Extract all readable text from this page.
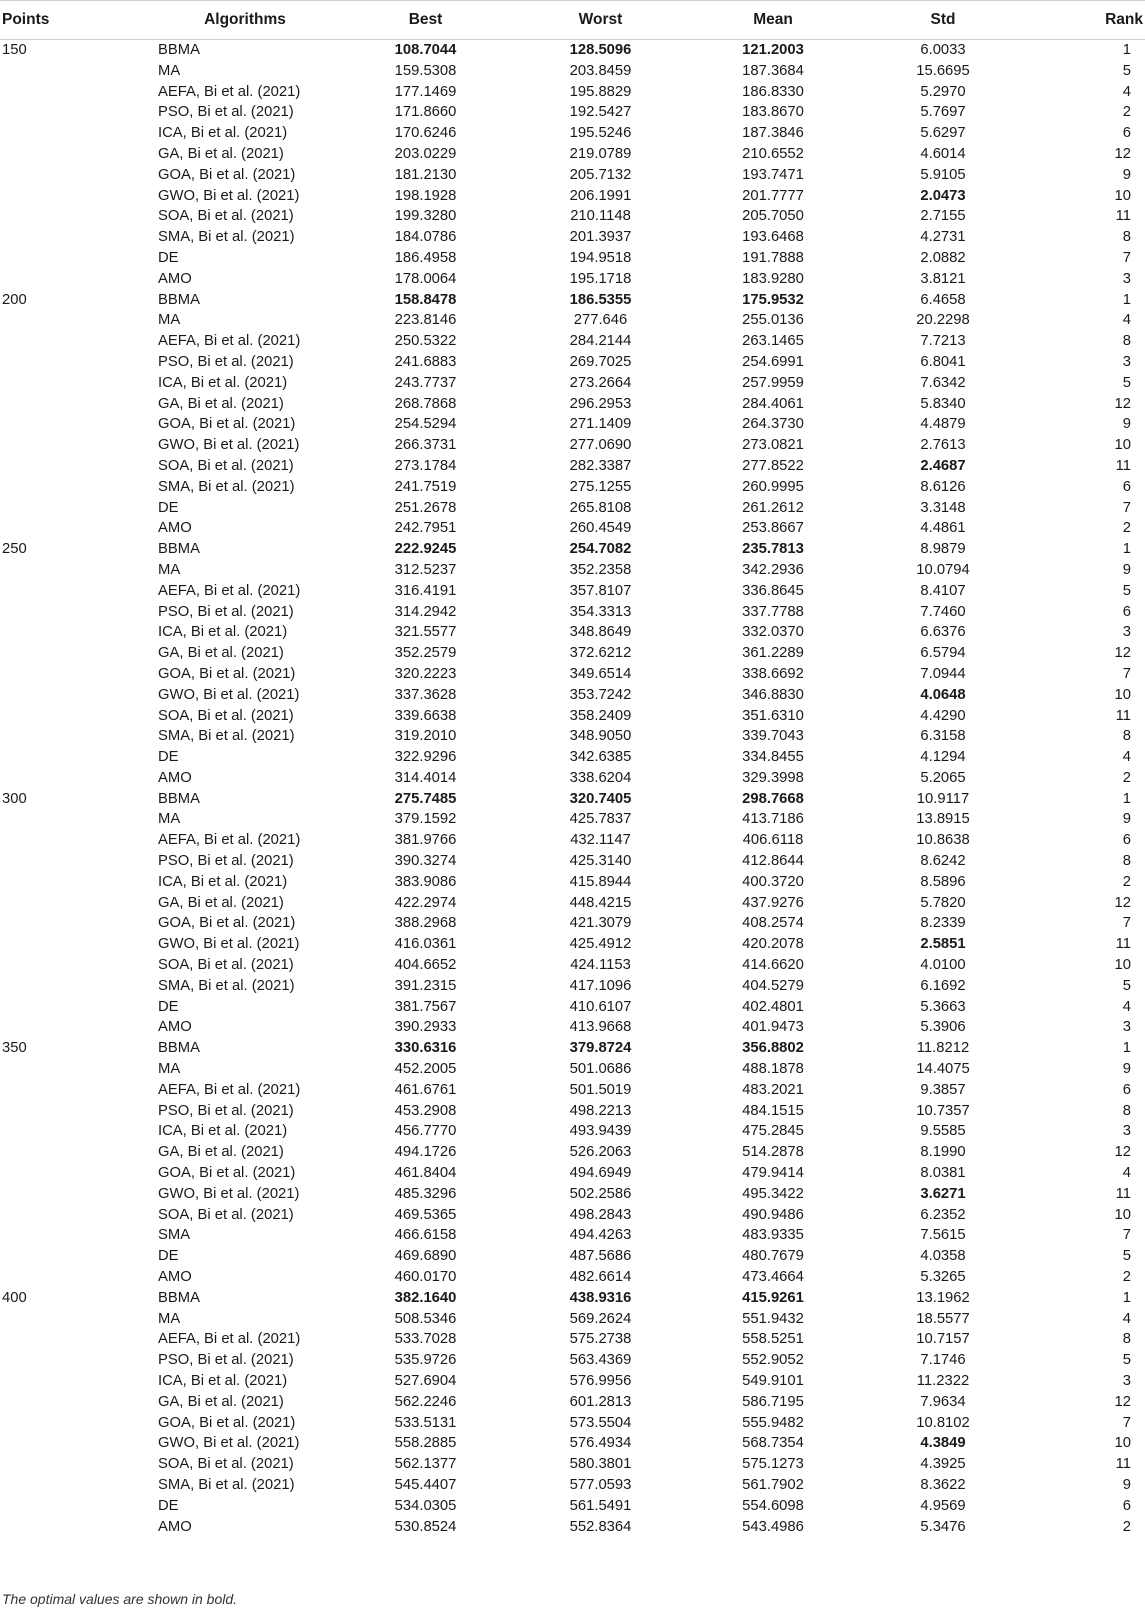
Points	Algorithms	Best	Worst	Mean	Std	Rank
150	BBMA	108.7044	128.5096	121.2003	6.0033	1
	MA	159.5308	203.8459	187.3684	15.6695	5
	AEFA, Bi et al. (2021)	177.1469	195.8829	186.8330	5.2970	4
	PSO, Bi et al. (2021)	171.8660	192.5427	183.8670	5.7697	2
	ICA, Bi et al. (2021)	170.6246	195.5246	187.3846	5.6297	6
	GA, Bi et al. (2021)	203.0229	219.0789	210.6552	4.6014	12
	GOA, Bi et al. (2021)	181.2130	205.7132	193.7471	5.9105	9
	GWO, Bi et al. (2021)	198.1928	206.1991	201.7777	2.0473	10
	SOA, Bi et al. (2021)	199.3280	210.1148	205.7050	2.7155	11
	SMA, Bi et al. (2021)	184.0786	201.3937	193.6468	4.2731	8
	DE	186.4958	194.9518	191.7888	2.0882	7
	AMO	178.0064	195.1718	183.9280	3.8121	3
200	BBMA	158.8478	186.5355	175.9532	6.4658	1
	MA	223.8146	277.646	255.0136	20.2298	4
	AEFA, Bi et al. (2021)	250.5322	284.2144	263.1465	7.7213	8
	PSO, Bi et al. (2021)	241.6883	269.7025	254.6991	6.8041	3
	ICA, Bi et al. (2021)	243.7737	273.2664	257.9959	7.6342	5
	GA, Bi et al. (2021)	268.7868	296.2953	284.4061	5.8340	12
	GOA, Bi et al. (2021)	254.5294	271.1409	264.3730	4.4879	9
	GWO, Bi et al. (2021)	266.3731	277.0690	273.0821	2.7613	10
	SOA, Bi et al. (2021)	273.1784	282.3387	277.8522	2.4687	11
	SMA, Bi et al. (2021)	241.7519	275.1255	260.9995	8.6126	6
	DE	251.2678	265.8108	261.2612	3.3148	7
	AMO	242.7951	260.4549	253.8667	4.4861	2
250	BBMA	222.9245	254.7082	235.7813	8.9879	1
	MA	312.5237	352.2358	342.2936	10.0794	9
	AEFA, Bi et al. (2021)	316.4191	357.8107	336.8645	8.4107	5
	PSO, Bi et al. (2021)	314.2942	354.3313	337.7788	7.7460	6
	ICA, Bi et al. (2021)	321.5577	348.8649	332.0370	6.6376	3
	GA, Bi et al. (2021)	352.2579	372.6212	361.2289	6.5794	12
	GOA, Bi et al. (2021)	320.2223	349.6514	338.6692	7.0944	7
	GWO, Bi et al. (2021)	337.3628	353.7242	346.8830	4.0648	10
	SOA, Bi et al. (2021)	339.6638	358.2409	351.6310	4.4290	11
	SMA, Bi et al. (2021)	319.2010	348.9050	339.7043	6.3158	8
	DE	322.9296	342.6385	334.8455	4.1294	4
	AMO	314.4014	338.6204	329.3998	5.2065	2
300	BBMA	275.7485	320.7405	298.7668	10.9117	1
	MA	379.1592	425.7837	413.7186	13.8915	9
	AEFA, Bi et al. (2021)	381.9766	432.1147	406.6118	10.8638	6
	PSO, Bi et al. (2021)	390.3274	425.3140	412.8644	8.6242	8
	ICA, Bi et al. (2021)	383.9086	415.8944	400.3720	8.5896	2
	GA, Bi et al. (2021)	422.2974	448.4215	437.9276	5.7820	12
	GOA, Bi et al. (2021)	388.2968	421.3079	408.2574	8.2339	7
	GWO, Bi et al. (2021)	416.0361	425.4912	420.2078	2.5851	11
	SOA, Bi et al. (2021)	404.6652	424.1153	414.6620	4.0100	10
	SMA, Bi et al. (2021)	391.2315	417.1096	404.5279	6.1692	5
	DE	381.7567	410.6107	402.4801	5.3663	4
	AMO	390.2933	413.9668	401.9473	5.3906	3
350	BBMA	330.6316	379.8724	356.8802	11.8212	1
	MA	452.2005	501.0686	488.1878	14.4075	9
	AEFA, Bi et al. (2021)	461.6761	501.5019	483.2021	9.3857	6
	PSO, Bi et al. (2021)	453.2908	498.2213	484.1515	10.7357	8
	ICA, Bi et al. (2021)	456.7770	493.9439	475.2845	9.5585	3
	GA, Bi et al. (2021)	494.1726	526.2063	514.2878	8.1990	12
	GOA, Bi et al. (2021)	461.8404	494.6949	479.9414	8.0381	4
	GWO, Bi et al. (2021)	485.3296	502.2586	495.3422	3.6271	11
	SOA, Bi et al. (2021)	469.5365	498.2843	490.9486	6.2352	10
	SMA	466.6158	494.4263	483.9335	7.5615	7
	DE	469.6890	487.5686	480.7679	4.0358	5
	AMO	460.0170	482.6614	473.4664	5.3265	2
400	BBMA	382.1640	438.9316	415.9261	13.1962	1
	MA	508.5346	569.2624	551.9432	18.5577	4
	AEFA, Bi et al. (2021)	533.7028	575.2738	558.5251	10.7157	8
	PSO, Bi et al. (2021)	535.9726	563.4369	552.9052	7.1746	5
	ICA, Bi et al. (2021)	527.6904	576.9956	549.9101	11.2322	3
	GA, Bi et al. (2021)	562.2246	601.2813	586.7195	7.9634	12
	GOA, Bi et al. (2021)	533.5131	573.5504	555.9482	10.8102	7
	GWO, Bi et al. (2021)	558.2885	576.4934	568.7354	4.3849	10
	SOA, Bi et al. (2021)	562.1377	580.3801	575.1273	4.3925	11
	SMA, Bi et al. (2021)	545.4407	577.0593	561.7902	8.3622	9
	DE	534.0305	561.5491	554.6098	4.9569	6
	AMO	530.8524	552.8364	543.4986	5.3476	2
The optimal values are shown in bold.
